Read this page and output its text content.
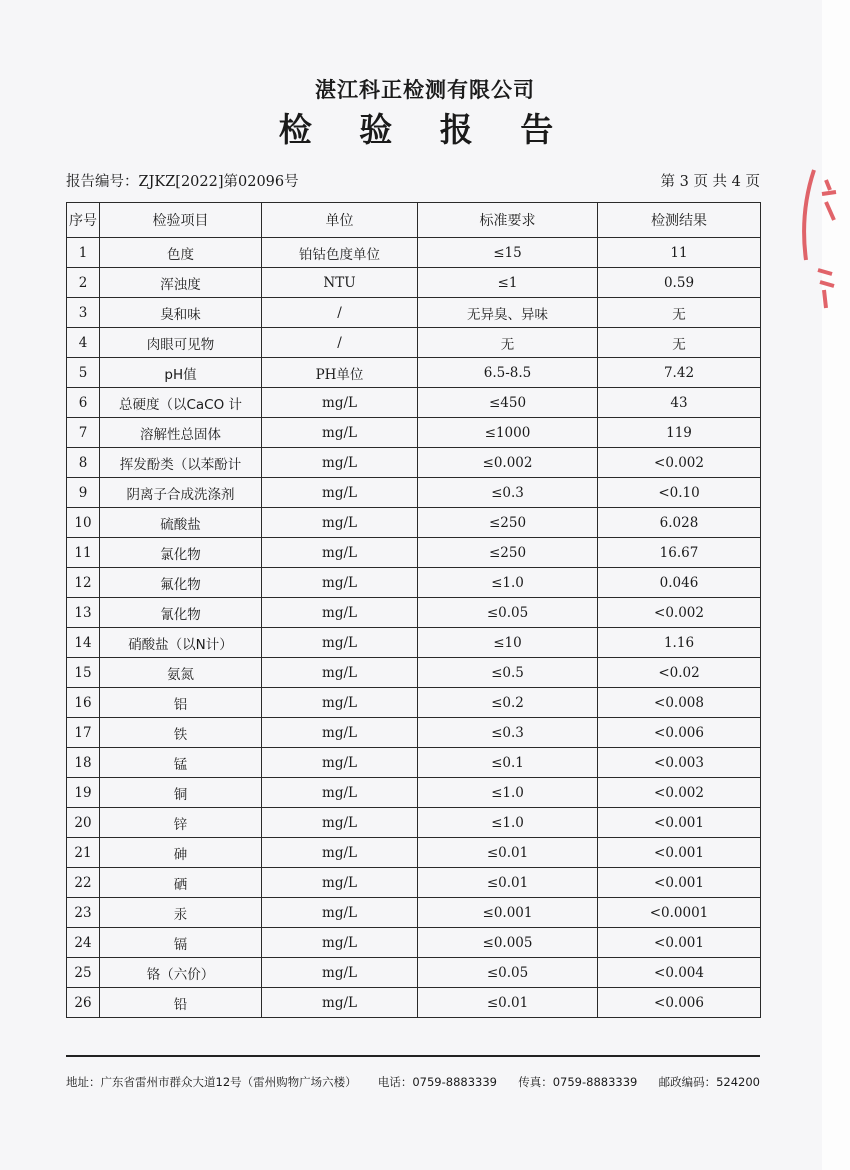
湛江科正检测有限公司
检 验 报 告
报告编号：ZJKZ[2022]第02096号	第 3 页 共 4 页
序号	检验项目	单位	标准要求	检测结果
1	色度	铂钴色度单位	≤15	11
2	浑浊度	NTU	≤1	0.59
3	臭和味	/	无异臭、异味	无
4	肉眼可见物	/	无	无
5	pH值	PH单位	6.5-8.5	7.42
6	总硬度（以CaCO 计	mg/L	≤450	43
7	溶解性总固体	mg/L	≤1000	119
8	挥发酚类（以苯酚计	mg/L	≤0.002	<0.002
9	阴离子合成洗涤剂	mg/L	≤0.3	<0.10
10	硫酸盐	mg/L	≤250	6.028
11	氯化物	mg/L	≤250	16.67
12	氟化物	mg/L	≤1.0	0.046
13	氰化物	mg/L	≤0.05	<0.002
14	硝酸盐（以N计）	mg/L	≤10	1.16
15	氨氮	mg/L	≤0.5	<0.02
16	铝	mg/L	≤0.2	<0.008
17	铁	mg/L	≤0.3	<0.006
18	锰	mg/L	≤0.1	<0.003
19	铜	mg/L	≤1.0	<0.002
20	锌	mg/L	≤1.0	<0.001
21	砷	mg/L	≤0.01	<0.001
22	硒	mg/L	≤0.01	<0.001
23	汞	mg/L	≤0.001	<0.0001
24	镉	mg/L	≤0.005	<0.001
25	铬（六价）	mg/L	≤0.05	<0.004
26	铅	mg/L	≤0.01	<0.006
地址：广东省雷州市群众大道12号（雷州购物广场六楼） 电话：0759-8883339 传真：0759-8883339 邮政编码：524200
